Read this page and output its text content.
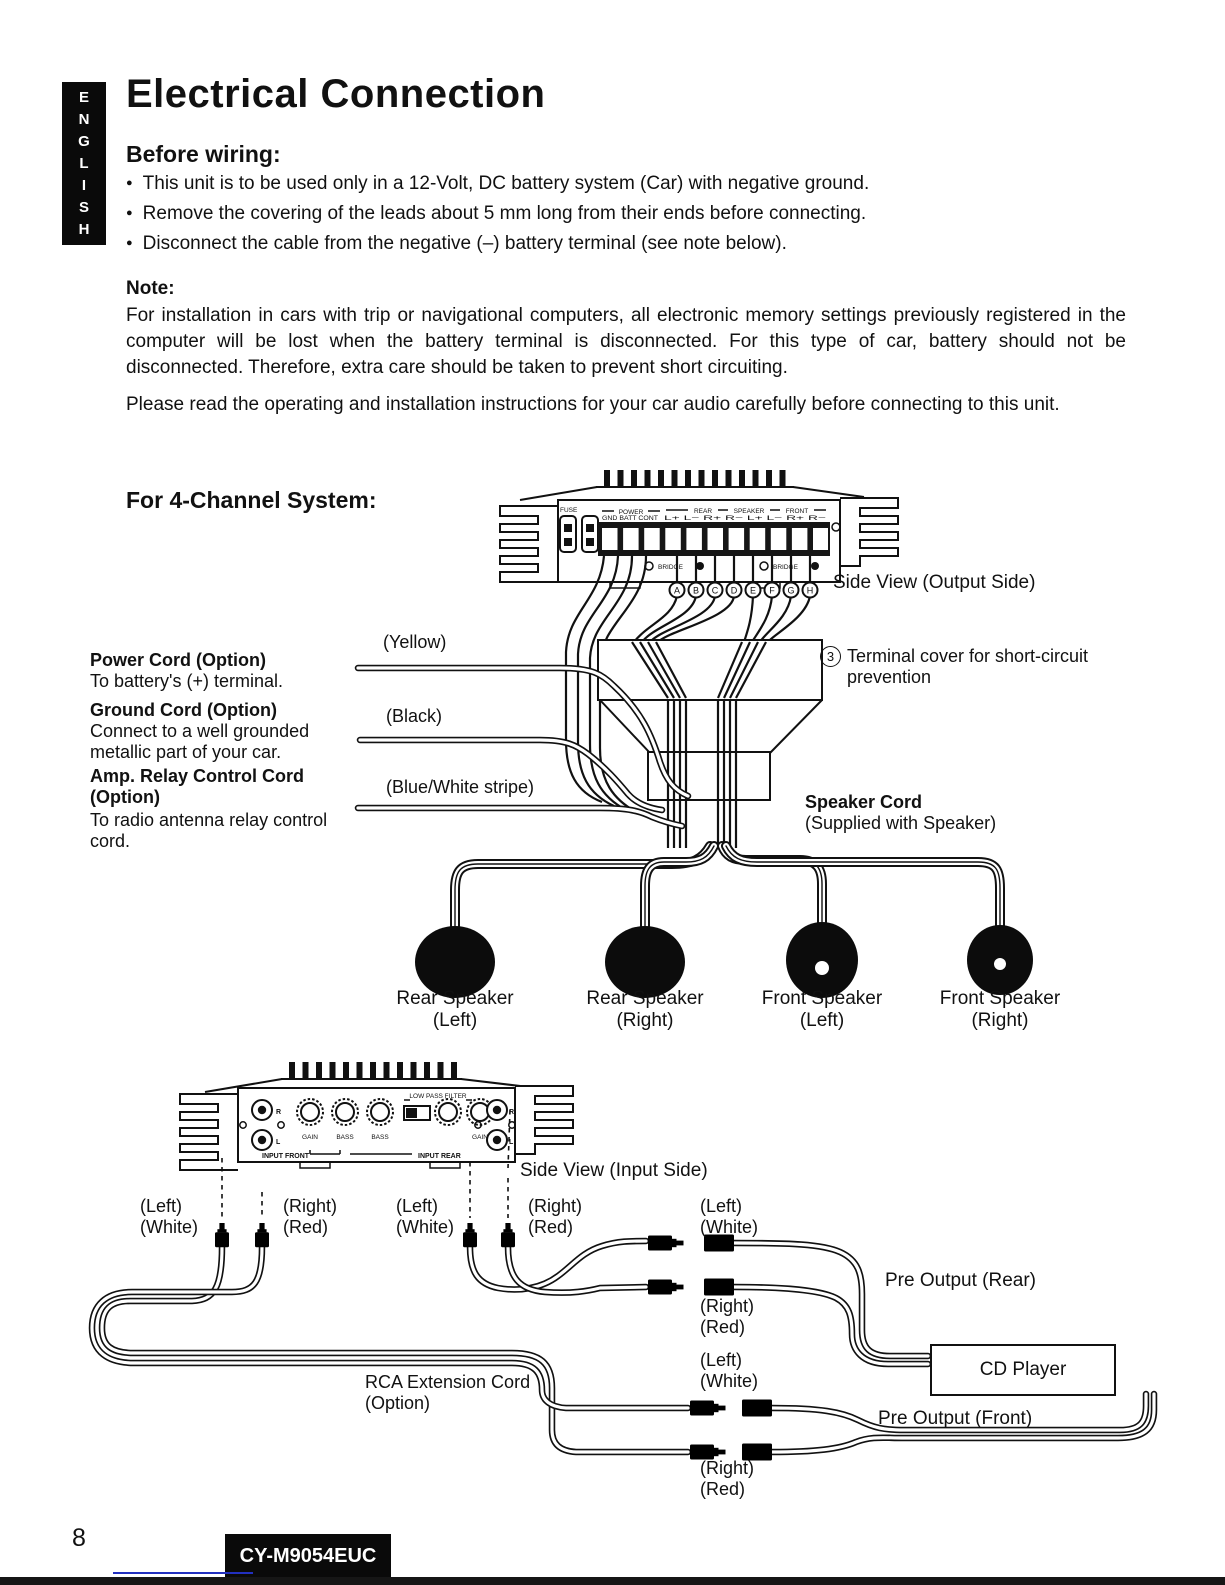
POWER
GND BATT CONT
REAR	SPEAKER	FRONT
L+ L− R+ R− L+ L− R+ R−
BRIDGE	BRIDGE
FUSE
A B C D E F G H
GAIN	BASS	BASS	GAIN
LOW PASS FILTER
R
L
R
L
INPUT FRONT	INPUT REAR
E
N
G
L
I
S
H
Electrical Connection
Before wiring:
● This unit is to be used only in a 12-Volt, DC battery system (Car) with negative ground.
● Remove the covering of the leads about 5 mm long from their ends before connecting.
● Disconnect the cable from the negative (–) battery terminal (see note below).
Note:
For installation in cars with trip or navigational computers, all electronic memory settings previously registered in the computer will be lost when the battery terminal is disconnected. For this type of car, battery should not be disconnected. Therefore, extra care should be taken to prevent short circuiting.
Please read the operating and installation instructions for your car audio carefully before connecting to this unit.
For 4-Channel System:
Side View (Output Side)
(Yellow)
Power Cord (Option)
To battery's (+) terminal.
(Black)
Ground Cord (Option)
Connect to a well grounded metallic part of your car.
(Blue/White stripe)
Amp. Relay Control Cord (Option)
To radio antenna relay control cord.
3 Terminal cover for short-circuit prevention
Speaker Cord
(Supplied with Speaker)
Rear Speaker
(Left)
Rear Speaker
(Right)
Front Speaker
(Left)
Front Speaker
(Right)
Side View (Input Side)
(Left)
(White)
(Right)
(Red)
(Left)
(White)
(Right)
(Red)
(Left)
(White)
(Right)
(Red)
(Left)
(White)
(Right)
(Red)
Pre Output (Rear)
Pre Output (Front)
CD Player
RCA Extension Cord
(Option)
8
CY-M9054EUC
